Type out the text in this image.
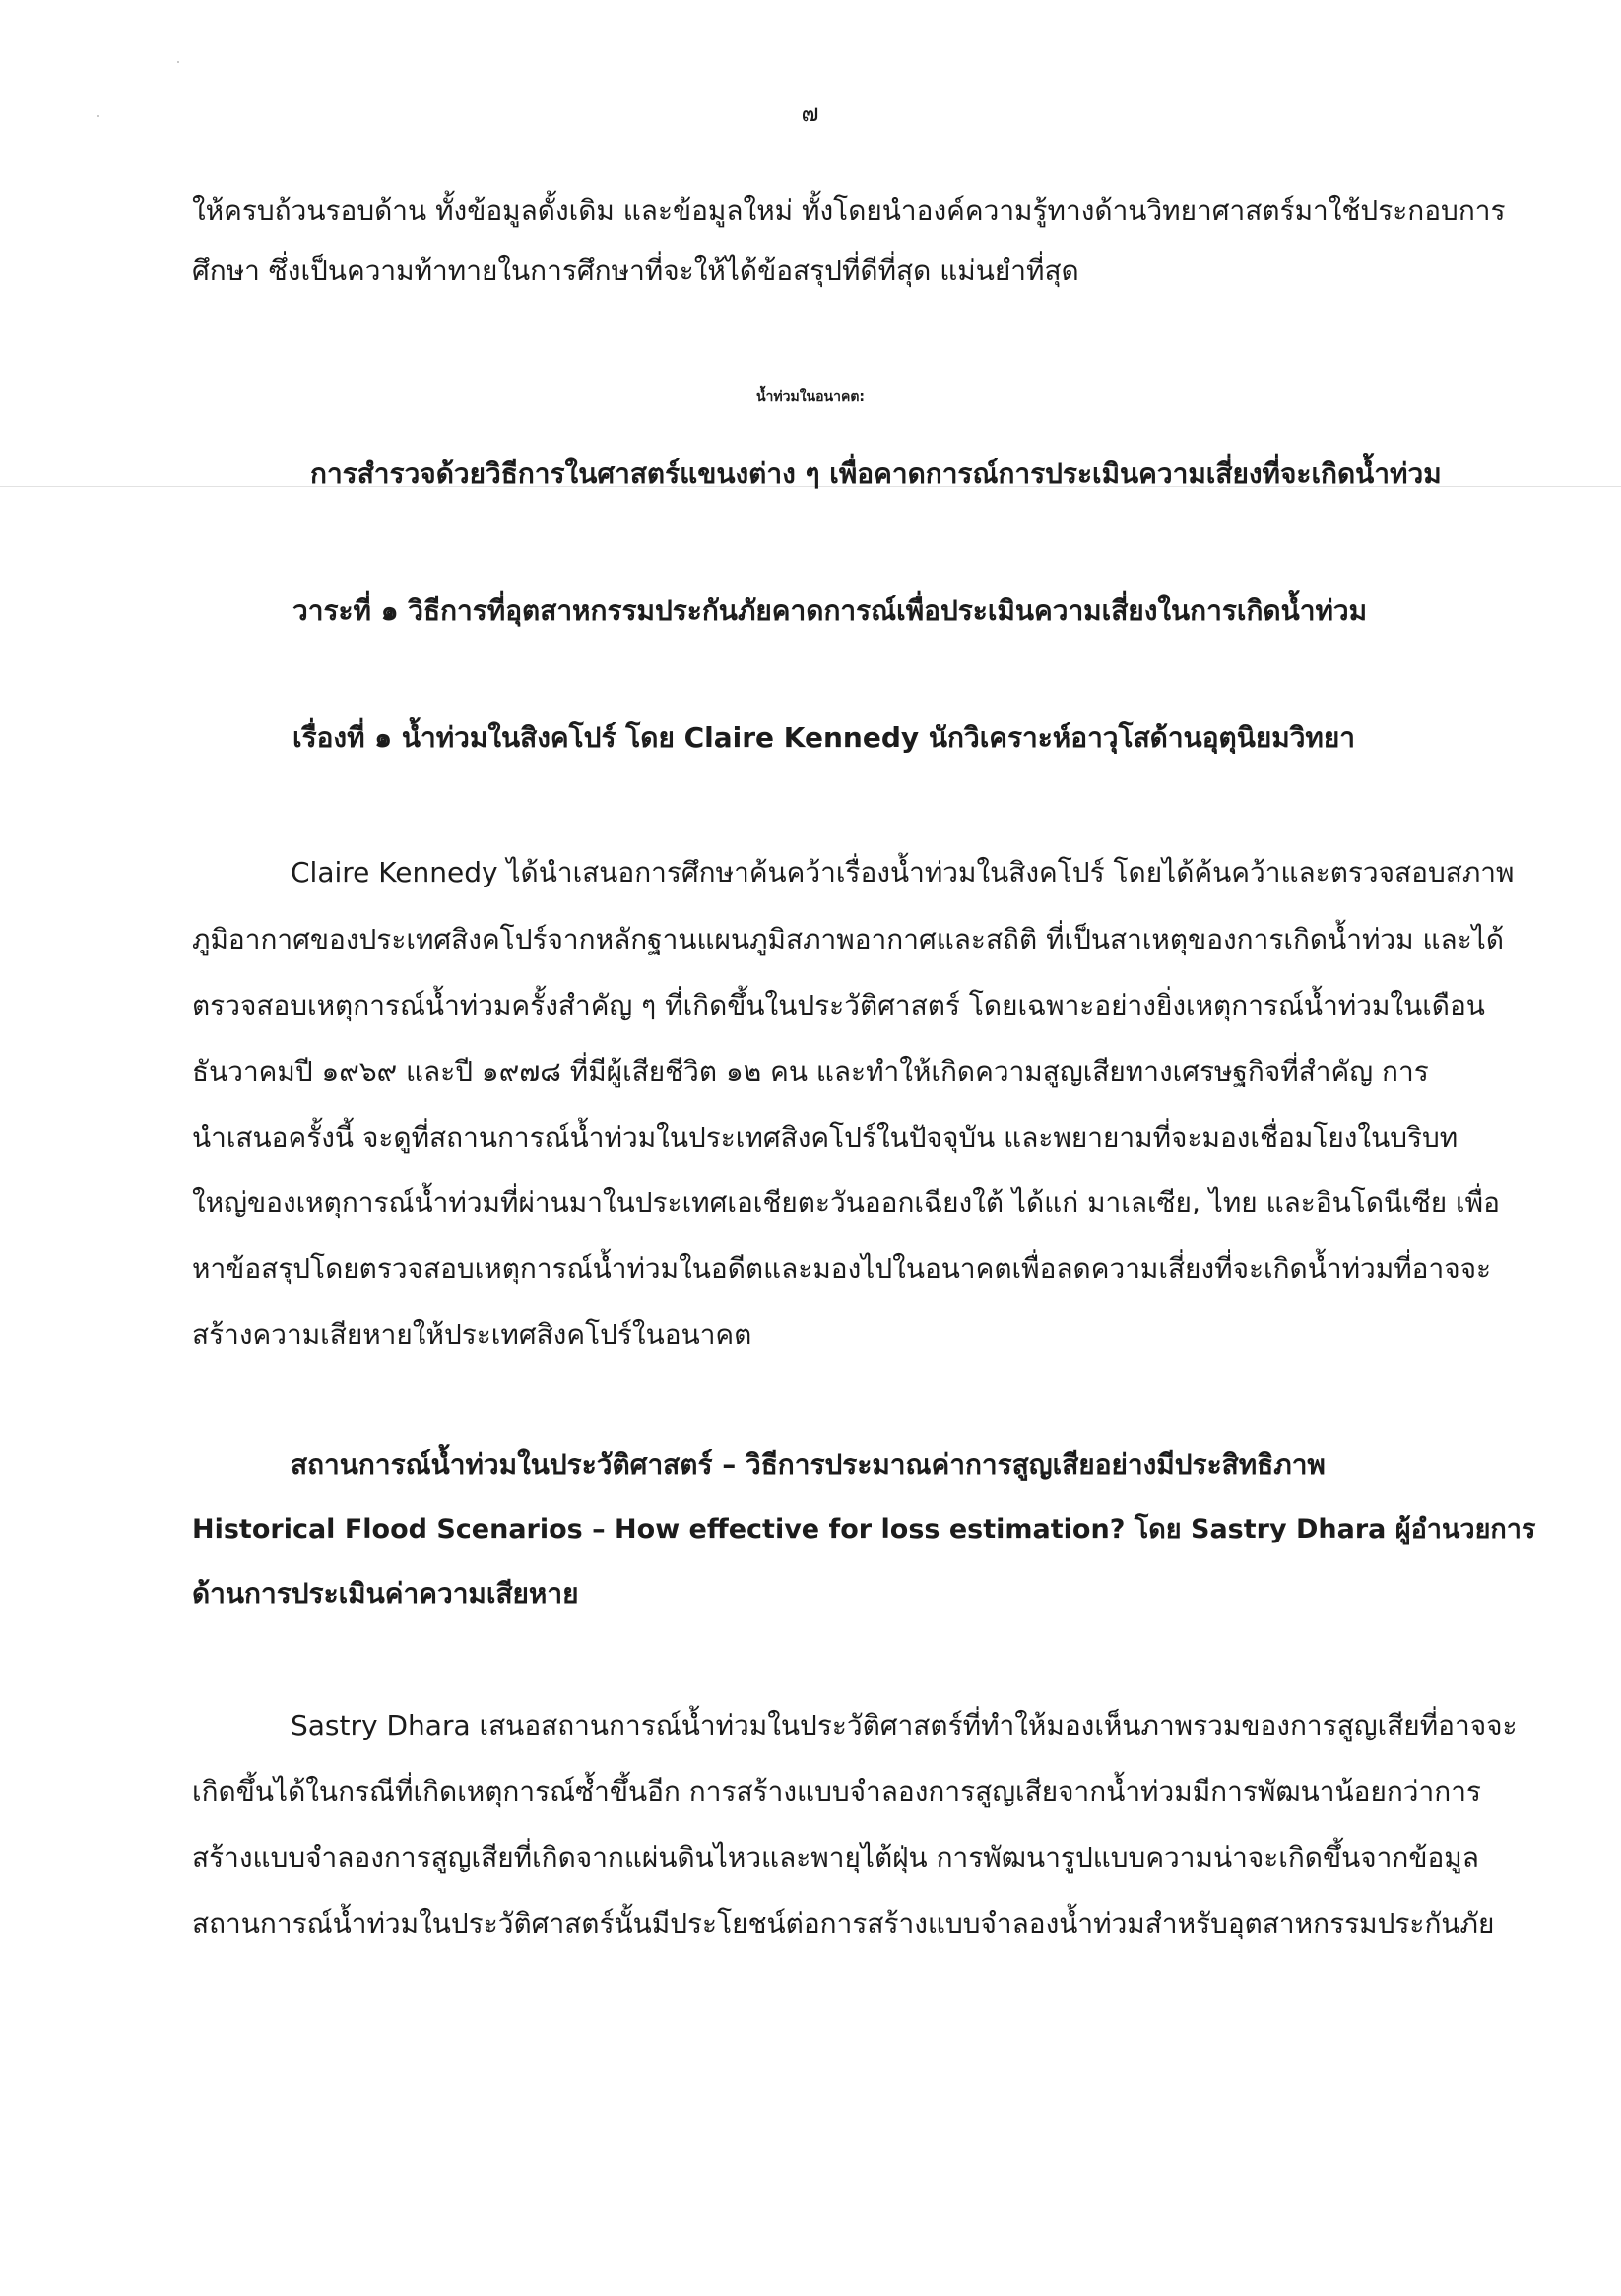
๗
ให้ครบถ้วนรอบด้าน ทั้งข้อมูลดั้งเดิม และข้อมูลใหม่ ทั้งโดยนำองค์ความรู้ทางด้านวิทยาศาสตร์มาใช้ประกอบการ
ศึกษา ซึ่งเป็นความท้าทายในการศึกษาที่จะให้ได้ข้อสรุปที่ดีที่สุด แม่นยำที่สุด
น้ำท่วมในอนาคต:
การสำรวจด้วยวิธีการในศาสตร์แขนงต่าง ๆ เพื่อคาดการณ์การประเมินความเสี่ยงที่จะเกิดน้ำท่วม
วาระที่ ๑ วิธีการที่อุตสาหกรรมประกันภัยคาดการณ์เพื่อประเมินความเสี่ยงในการเกิดน้ำท่วม
เรื่องที่ ๑ น้ำท่วมในสิงคโปร์ โดย Claire Kennedy นักวิเคราะห์อาวุโสด้านอุตุนิยมวิทยา
Claire Kennedy ได้นำเสนอการศึกษาค้นคว้าเรื่องน้ำท่วมในสิงคโปร์ โดยได้ค้นคว้าและตรวจสอบสภาพ
ภูมิอากาศของประเทศสิงคโปร์จากหลักฐานแผนภูมิสภาพอากาศและสถิติ ที่เป็นสาเหตุของการเกิดน้ำท่วม และได้
ตรวจสอบเหตุการณ์น้ำท่วมครั้งสำคัญ ๆ ที่เกิดขึ้นในประวัติศาสตร์ โดยเฉพาะอย่างยิ่งเหตุการณ์น้ำท่วมในเดือน
ธันวาคมปี ๑๙๖๙ และปี ๑๙๗๘ ที่มีผู้เสียชีวิต ๑๒ คน และทำให้เกิดความสูญเสียทางเศรษฐกิจที่สำคัญ การ
นำเสนอครั้งนี้ จะดูที่สถานการณ์น้ำท่วมในประเทศสิงคโปร์ในปัจจุบัน และพยายามที่จะมองเชื่อมโยงในบริบท
ใหญ่ของเหตุการณ์น้ำท่วมที่ผ่านมาในประเทศเอเชียตะวันออกเฉียงใต้ ได้แก่ มาเลเซีย, ไทย และอินโดนีเซีย เพื่อ
หาข้อสรุปโดยตรวจสอบเหตุการณ์น้ำท่วมในอดีตและมองไปในอนาคตเพื่อลดความเสี่ยงที่จะเกิดน้ำท่วมที่อาจจะ
สร้างความเสียหายให้ประเทศสิงคโปร์ในอนาคต
สถานการณ์น้ำท่วมในประวัติศาสตร์ – วิธีการประมาณค่าการสูญเสียอย่างมีประสิทธิภาพ
Historical Flood Scenarios – How effective for loss estimation? โดย Sastry Dhara ผู้อำนวยการ
ด้านการประเมินค่าความเสียหาย
Sastry Dhara เสนอสถานการณ์น้ำท่วมในประวัติศาสตร์ที่ทำให้มองเห็นภาพรวมของการสูญเสียที่อาจจะ
เกิดขึ้นได้ในกรณีที่เกิดเหตุการณ์ซ้ำขึ้นอีก การสร้างแบบจำลองการสูญเสียจากน้ำท่วมมีการพัฒนาน้อยกว่าการ
สร้างแบบจำลองการสูญเสียที่เกิดจากแผ่นดินไหวและพายุไต้ฝุ่น การพัฒนารูปแบบความน่าจะเกิดขึ้นจากข้อมูล
สถานการณ์น้ำท่วมในประวัติศาสตร์นั้นมีประโยชน์ต่อการสร้างแบบจำลองน้ำท่วมสำหรับอุตสาหกรรมประกันภัย
